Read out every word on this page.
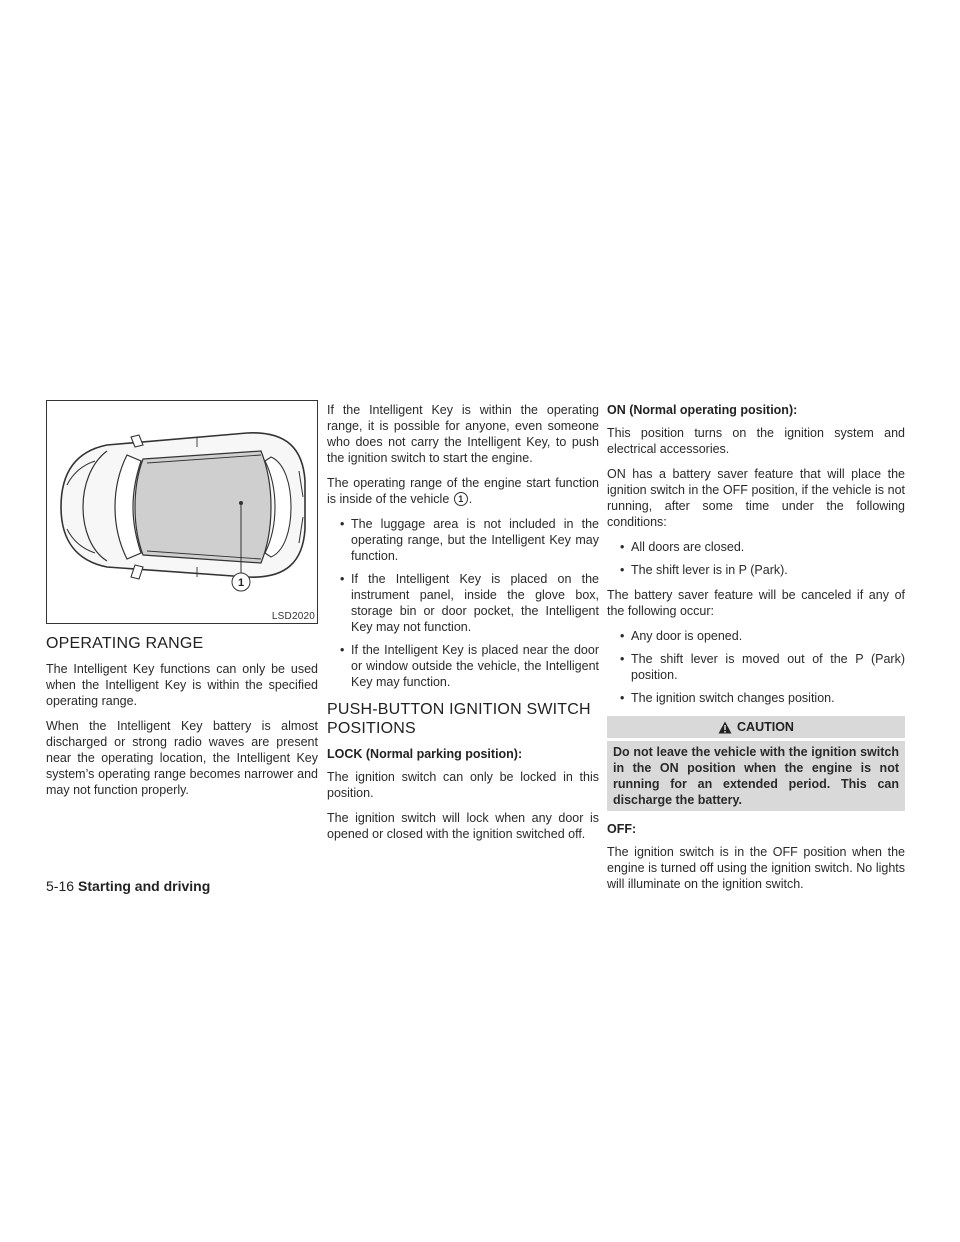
1
LSD2020
OPERATING RANGE

The Intelligent Key functions can only be used when the Intelligent Key is within the specified operating range.

When the Intelligent Key battery is almost discharged or strong radio waves are present near the operating location, the Intelligent Key system’s operating range becomes narrower and may not function properly.

If the Intelligent Key is within the operating range, it is possible for anyone, even someone who does not carry the Intelligent Key, to push the ignition switch to start the engine.

The operating range of the engine start function is inside of the vehicle 1 .

• The luggage area is not included in the operating range, but the Intelligent Key may function.
• If the Intelligent Key is placed on the instrument panel, inside the glove box, storage bin or door pocket, the Intelligent Key may not function.
• If the Intelligent Key is placed near the door or window outside the vehicle, the Intelligent Key may function.
PUSH-BUTTON IGNITION SWITCH POSITIONS
LOCK (Normal parking position):

The ignition switch can only be locked in this position.

The ignition switch will lock when any door is opened or closed with the ignition switched off.

ON (Normal operating position):

This position turns on the ignition system and electrical accessories.

ON has a battery saver feature that will place the ignition switch in the OFF position, if the vehicle is not running, after some time under the following conditions:

• All doors are closed.
• The shift lever is in P (Park).

The battery saver feature will be canceled if any of the following occur:

• Any door is opened.
• The shift lever is moved out of the P (Park) position.
• The ignition switch changes position.
CAUTION
Do not leave the vehicle with the ignition switch in the ON position when the engine is not running for an extended period. This can discharge the battery.
OFF:

The ignition switch is in the OFF position when the engine is turned off using the ignition switch. No lights will illuminate on the ignition switch.

5-16 Starting and driving
